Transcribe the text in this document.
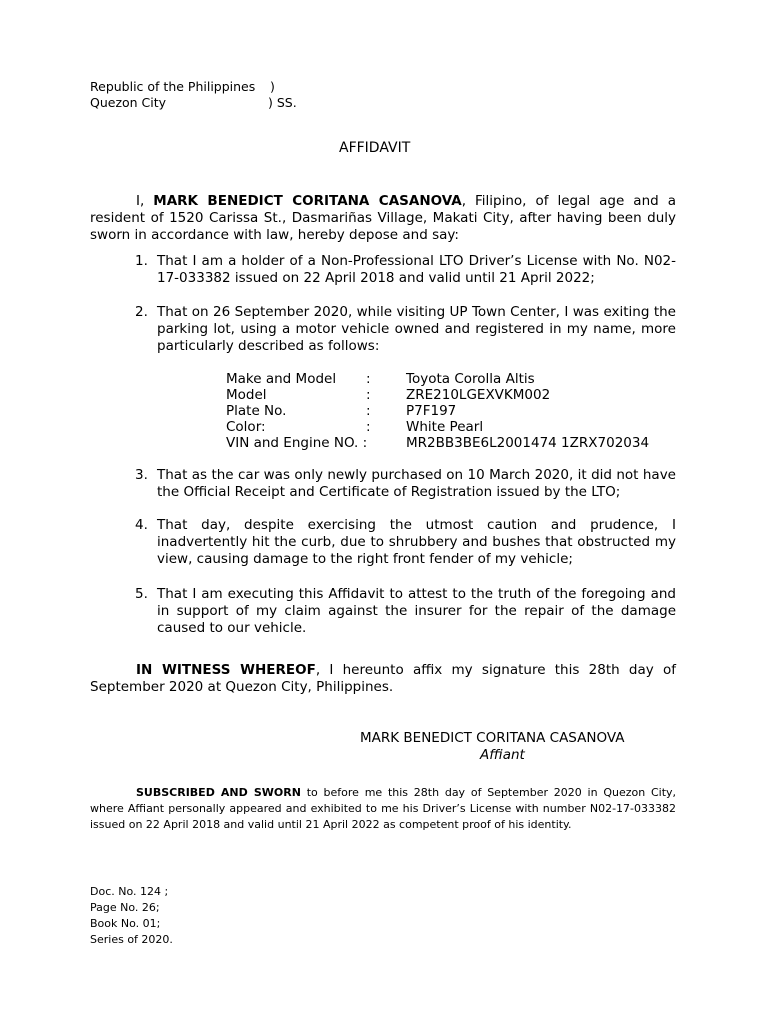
Republic of the Philippines
Quezon City
)
) SS.
AFFIDAVIT
I, MARK BENEDICT CORITANA CASANOVA, Filipino, of legal age and a resident of 1520 Carissa St., Dasmariñas Village, Makati City, after having been duly sworn in accordance with law, hereby depose and say:
1. That I am a holder of a Non-Professional LTO Driver’s License with No. N02-17-033382 issued on 22 April 2018 and valid until 21 April 2022;
2. That on 26 September 2020, while visiting UP Town Center, I was exiting the parking lot, using a motor vehicle owned and registered in my name, more particularly described as follows:
Make and Model	:	Toyota Corolla Altis
Model	:	ZRE210LGEXVKM002
Plate No.	:	P7F197
Color:	:	White Pearl
VIN and Engine NO. :		MR2BB3BE6L2001474 1ZRX702034
3. That as the car was only newly purchased on 10 March 2020, it did not have the Official Receipt and Certificate of Registration issued by the LTO;
4. That day, despite exercising the utmost caution and prudence, I inadvertently hit the curb, due to shrubbery and bushes that obstructed my view, causing damage to the right front fender of my vehicle;
5. That I am executing this Affidavit to attest to the truth of the foregoing and in support of my claim against the insurer for the repair of the damage caused to our vehicle.
IN WITNESS WHEREOF, I hereunto affix my signature this 28th day of September 2020 at Quezon City, Philippines.
MARK BENEDICT CORITANA CASANOVA
Affiant
SUBSCRIBED AND SWORN to before me this 28th day of September 2020 in Quezon City, where Affiant personally appeared and exhibited to me his Driver’s License with number N02-17-033382 issued on 22 April 2018 and valid until 21 April 2022 as competent proof of his identity.
Doc. No. 124 ;
Page No. 26;
Book No. 01;
Series of 2020.
